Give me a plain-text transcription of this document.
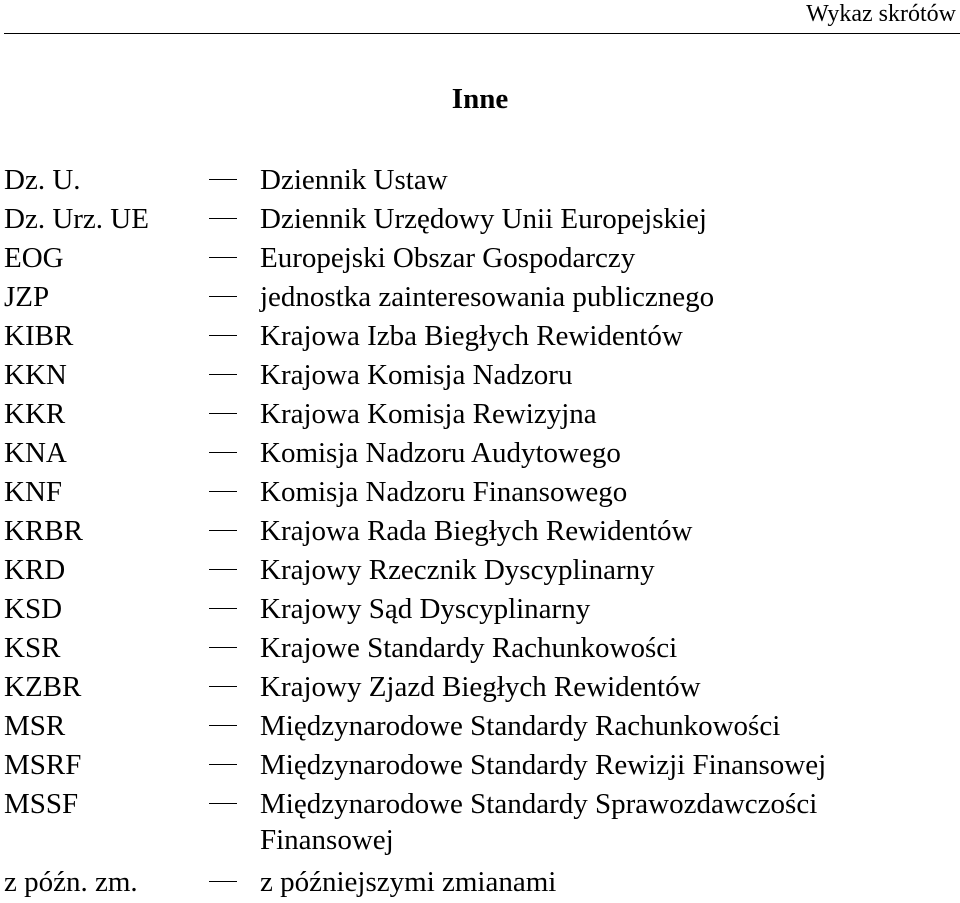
Wykaz skrótów
Inne
Dz. U.	Dziennik Ustaw
Dz. Urz. UE	Dziennik Urzędowy Unii Europejskiej
EOG	Europejski Obszar Gospodarczy
JZP	jednostka zainteresowania publicznego
KIBR	Krajowa Izba Biegłych Rewidentów
KKN	Krajowa Komisja Nadzoru
KKR	Krajowa Komisja Rewizyjna
KNA	Komisja Nadzoru Audytowego
KNF	Komisja Nadzoru Finansowego
KRBR	Krajowa Rada Biegłych Rewidentów
KRD	Krajowy Rzecznik Dyscyplinarny
KSD	Krajowy Sąd Dyscyplinarny
KSR	Krajowe Standardy Rachunkowości
KZBR	Krajowy Zjazd Biegłych Rewidentów
MSR	Międzynarodowe Standardy Rachunkowości
MSRF	Międzynarodowe Standardy Rewizji Finansowej
MSSF	Międzynarodowe Standardy Sprawozdawczości Finansowej
z późn. zm.	z późniejszymi zmianami
